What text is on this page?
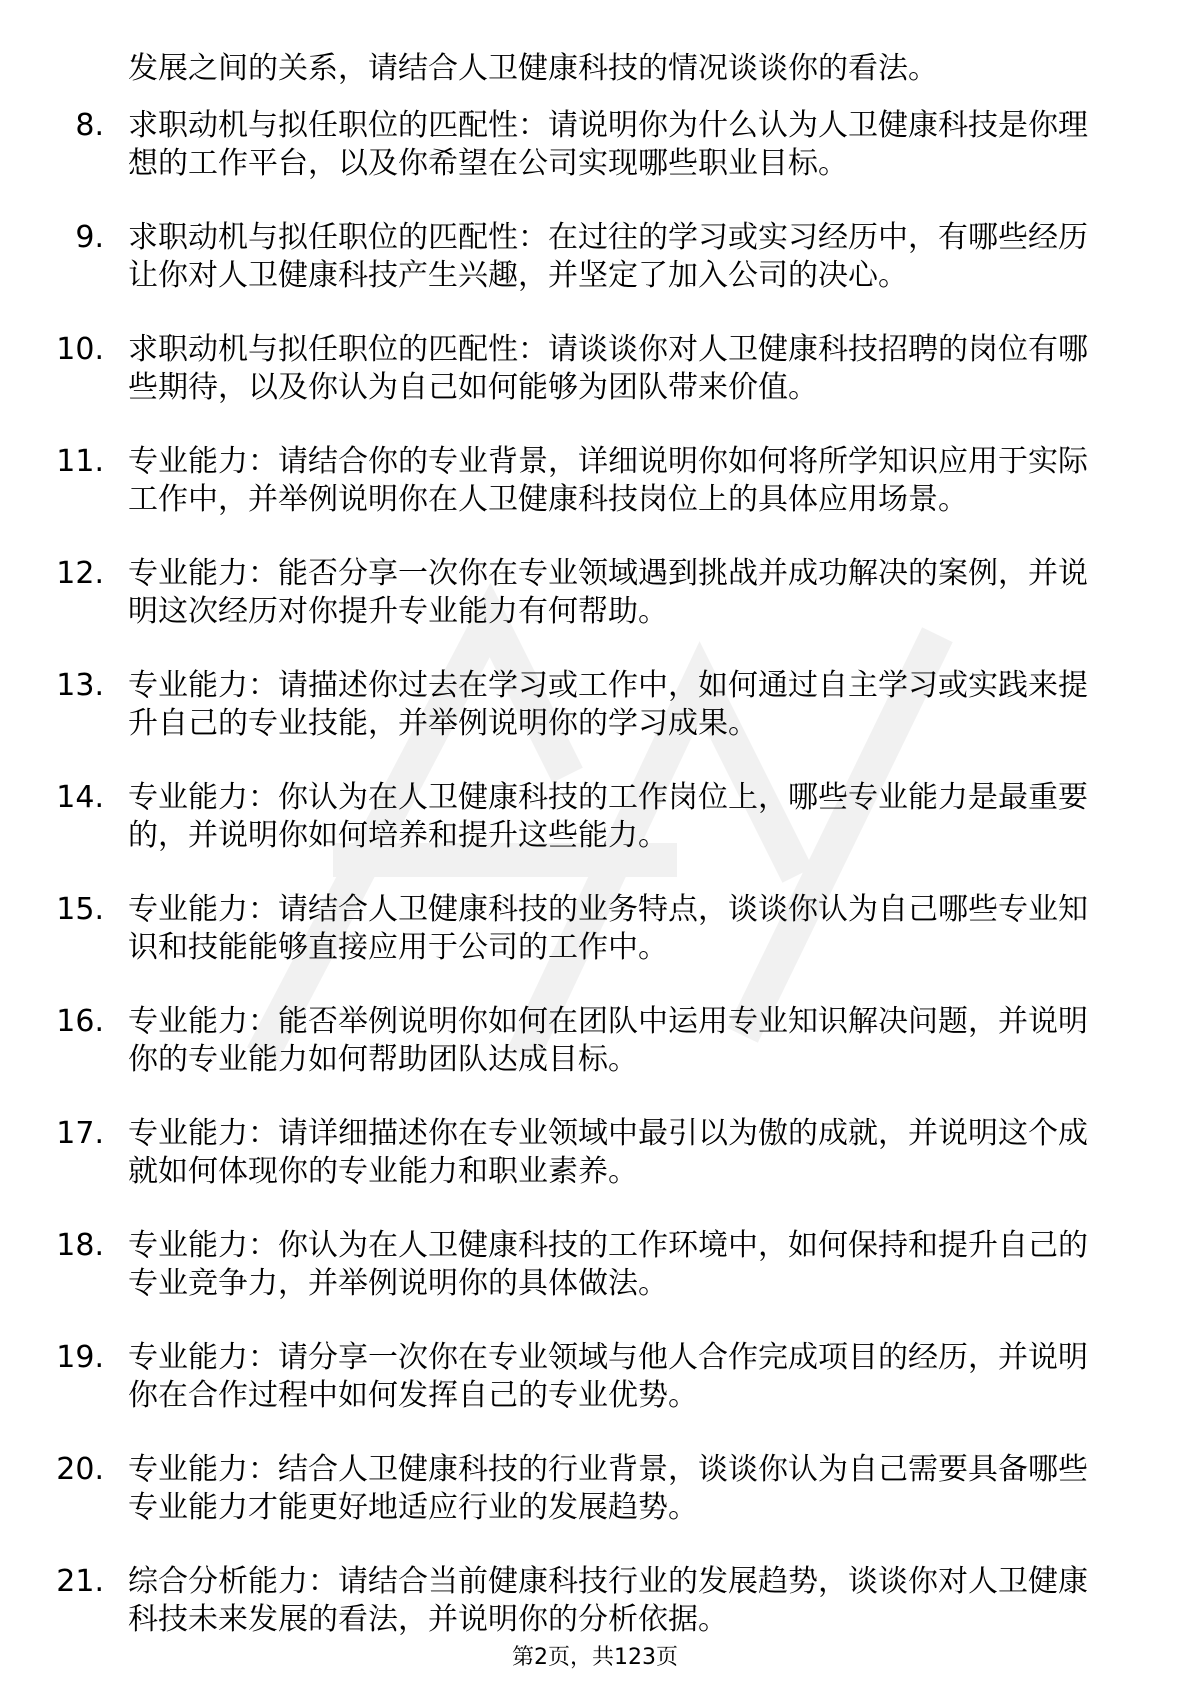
发展之间的关系，请结合人卫健康科技的情况谈谈你的看法。

8. 求职动机与拟任职位的匹配性：请说明你为什么认为人卫健康科技是你理想的工作平台，以及你希望在公司实现哪些职业目标。
9. 求职动机与拟任职位的匹配性：在过往的学习或实习经历中，有哪些经历让你对人卫健康科技产生兴趣，并坚定了加入公司的决心。
10. 求职动机与拟任职位的匹配性：请谈谈你对人卫健康科技招聘的岗位有哪些期待，以及你认为自己如何能够为团队带来价值。
11. 专业能力：请结合你的专业背景，详细说明你如何将所学知识应用于实际工作中，并举例说明你在人卫健康科技岗位上的具体应用场景。
12. 专业能力：能否分享一次你在专业领域遇到挑战并成功解决的案例，并说明这次经历对你提升专业能力有何帮助。
13. 专业能力：请描述你过去在学习或工作中，如何通过自主学习或实践来提升自己的专业技能，并举例说明你的学习成果。
14. 专业能力：你认为在人卫健康科技的工作岗位上，哪些专业能力是最重要的，并说明你如何培养和提升这些能力。
15. 专业能力：请结合人卫健康科技的业务特点，谈谈你认为自己哪些专业知识和技能能够直接应用于公司的工作中。
16. 专业能力：能否举例说明你如何在团队中运用专业知识解决问题，并说明你的专业能力如何帮助团队达成目标。
17. 专业能力：请详细描述你在专业领域中最引以为傲的成就，并说明这个成就如何体现你的专业能力和职业素养。
18. 专业能力：你认为在人卫健康科技的工作环境中，如何保持和提升自己的专业竞争力，并举例说明你的具体做法。
19. 专业能力：请分享一次你在专业领域与他人合作完成项目的经历，并说明你在合作过程中如何发挥自己的专业优势。
20. 专业能力：结合人卫健康科技的行业背景，谈谈你认为自己需要具备哪些专业能力才能更好地适应行业的发展趋势。
21. 综合分析能力：请结合当前健康科技行业的发展趋势，谈谈你对人卫健康科技未来发展的看法，并说明你的分析依据。
第2页，共123页
